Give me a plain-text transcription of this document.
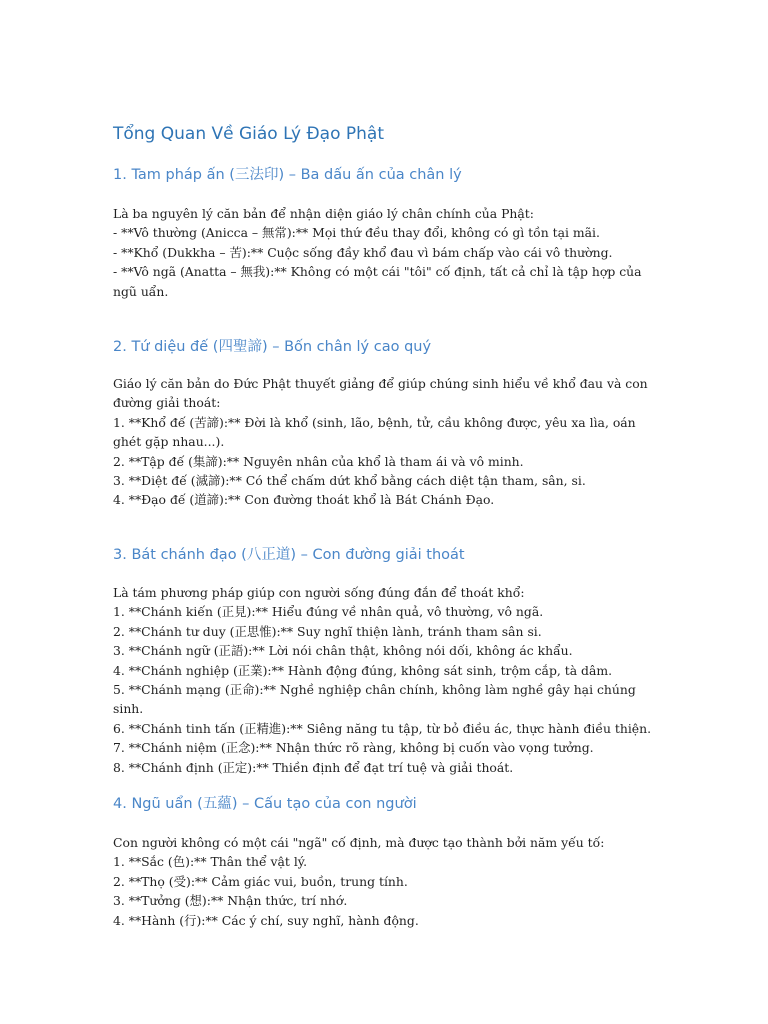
Tổng Quan Về Giáo Lý Đạo Phật
1. Tam pháp ấn (三法印) – Ba dấu ấn của chân lý

Là ba nguyên lý căn bản để nhận diện giáo lý chân chính của Phật:

- **Vô thường (Anicca – 無常):** Mọi thứ đều thay đổi, không có gì tồn tại mãi.

- **Khổ (Dukkha – 苦):** Cuộc sống đầy khổ đau vì bám chấp vào cái vô thường.

- **Vô ngã (Anatta – 無我):** Không có một cái "tôi" cố định, tất cả chỉ là tập hợp của ngũ uẩn.

2. Tứ diệu đế (四聖諦) – Bốn chân lý cao quý

Giáo lý căn bản do Đức Phật thuyết giảng để giúp chúng sinh hiểu về khổ đau và con đường giải thoát:

1. **Khổ đế (苦諦):** Đời là khổ (sinh, lão, bệnh, tử, cầu không được, yêu xa lìa, oán ghét gặp nhau...).

2. **Tập đế (集諦):** Nguyên nhân của khổ là tham ái và vô minh.

3. **Diệt đế (滅諦):** Có thể chấm dứt khổ bằng cách diệt tận tham, sân, si.

4. **Đạo đế (道諦):** Con đường thoát khổ là Bát Chánh Đạo.

3. Bát chánh đạo (八正道) – Con đường giải thoát

Là tám phương pháp giúp con người sống đúng đắn để thoát khổ:

1. **Chánh kiến (正見):** Hiểu đúng về nhân quả, vô thường, vô ngã.

2. **Chánh tư duy (正思惟):** Suy nghĩ thiện lành, tránh tham sân si.

3. **Chánh ngữ (正語):** Lời nói chân thật, không nói dối, không ác khẩu.

4. **Chánh nghiệp (正業):** Hành động đúng, không sát sinh, trộm cắp, tà dâm.

5. **Chánh mạng (正命):** Nghề nghiệp chân chính, không làm nghề gây hại chúng sinh.

6. **Chánh tinh tấn (正精進):** Siêng năng tu tập, từ bỏ điều ác, thực hành điều thiện.

7. **Chánh niệm (正念):** Nhận thức rõ ràng, không bị cuốn vào vọng tưởng.

8. **Chánh định (正定):** Thiền định để đạt trí tuệ và giải thoát.

4. Ngũ uẩn (五蘊) – Cấu tạo của con người

Con người không có một cái "ngã" cố định, mà được tạo thành bởi năm yếu tố:

1. **Sắc (色):** Thân thể vật lý.

2. **Thọ (受):** Cảm giác vui, buồn, trung tính.

3. **Tưởng (想):** Nhận thức, trí nhớ.

4. **Hành (行):** Các ý chí, suy nghĩ, hành động.
